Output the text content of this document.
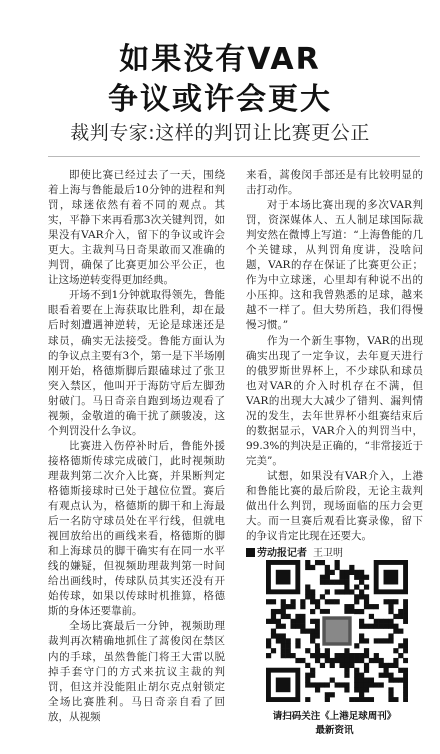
如果没有VAR
争议或许会更大
裁判专家:这样的判罚让比赛更公正

即使比赛已经过去了一天，围绕着上海与鲁能最后10分钟的进程和判罚，球迷依然有着不同的观点。其实，平静下来再看那3次关键判罚，如果没有VAR介入，留下的争议或许会更大。主裁判马日奇果敢而又准确的判罚，确保了比赛更加公平公正，也让这场逆转变得更加经典。

开场不到1分钟就取得领先，鲁能眼看着要在上海获取比胜利，却在最后时刻遭遇神逆转，无论是球迷还是球员，确实无法接受。鲁能方面认为的争议点主要有3个，第一是下半场刚刚开始，格德斯脚后跟磕球过了张卫突入禁区，他叫开于海防守后左脚劲射破门。马日奇亲自跑到场边观看了视频，金敬道的确干扰了颜骏凌，这个判罚没什么争议。

比赛进入伤停补时后，鲁能外援接格德斯传球完成破门，此时视频助理裁判第二次介入比赛，并果断判定格德斯接球时已处于越位位置。赛后有观点认为，格德斯的脚干和上海最后一名防守球员处在平行线，但就电视回放给出的画线来看，格德斯的脚和上海球员的脚干确实有在同一水平线的嫌疑，但视频助理裁判第一时间给出画线时，传球队员其实还没有开始传球，如果以传球时机推算，格德斯的身体还要靠前。

全场比赛最后一分钟，视频助理裁判再次精确地抓住了蒿俊闵在禁区内的手球，虽然鲁能门将王大雷以脱掉手套守门的方式来抗议主裁的判罚，但这并没能阻止胡尔克点射锁定全场比赛胜利。马日奇亲自看了回放，从视频

来看，蒿俊闵手部还是有比较明显的击打动作。

对于本场比赛出现的多次VAR判罚，资深媒体人、五人制足球国际裁判安然在微博上写道：“上海鲁能的几个关键球，从判罚角度讲，没啥问题，VAR的存在保证了比赛更公正；作为中立球迷，心里却有种说不出的小压抑。这和我曾熟悉的足球，越来越不一样了。但大势所趋，我们得慢慢习惯。”

作为一个新生事物，VAR的出现确实出现了一定争议，去年夏天进行的俄罗斯世界杯上，不少球队和球员也对VAR的介入时机存在不满，但VAR的出现大大减少了错判、漏判情况的发生，去年世界杯小组赛结束后的数据显示，VAR介入的判罚当中，99.3%的判决是正确的，“非常接近于完美”。

试想，如果没有VAR介入，上港和鲁能比赛的最后阶段，无论主裁判做出什么判罚，现场面临的压力会更大。而一旦赛后观看比赛录像，留下的争议肯定比现在还要大。

劳动报记者 王卫明
请扫码关注《上港足球周刊》
最新资讯
